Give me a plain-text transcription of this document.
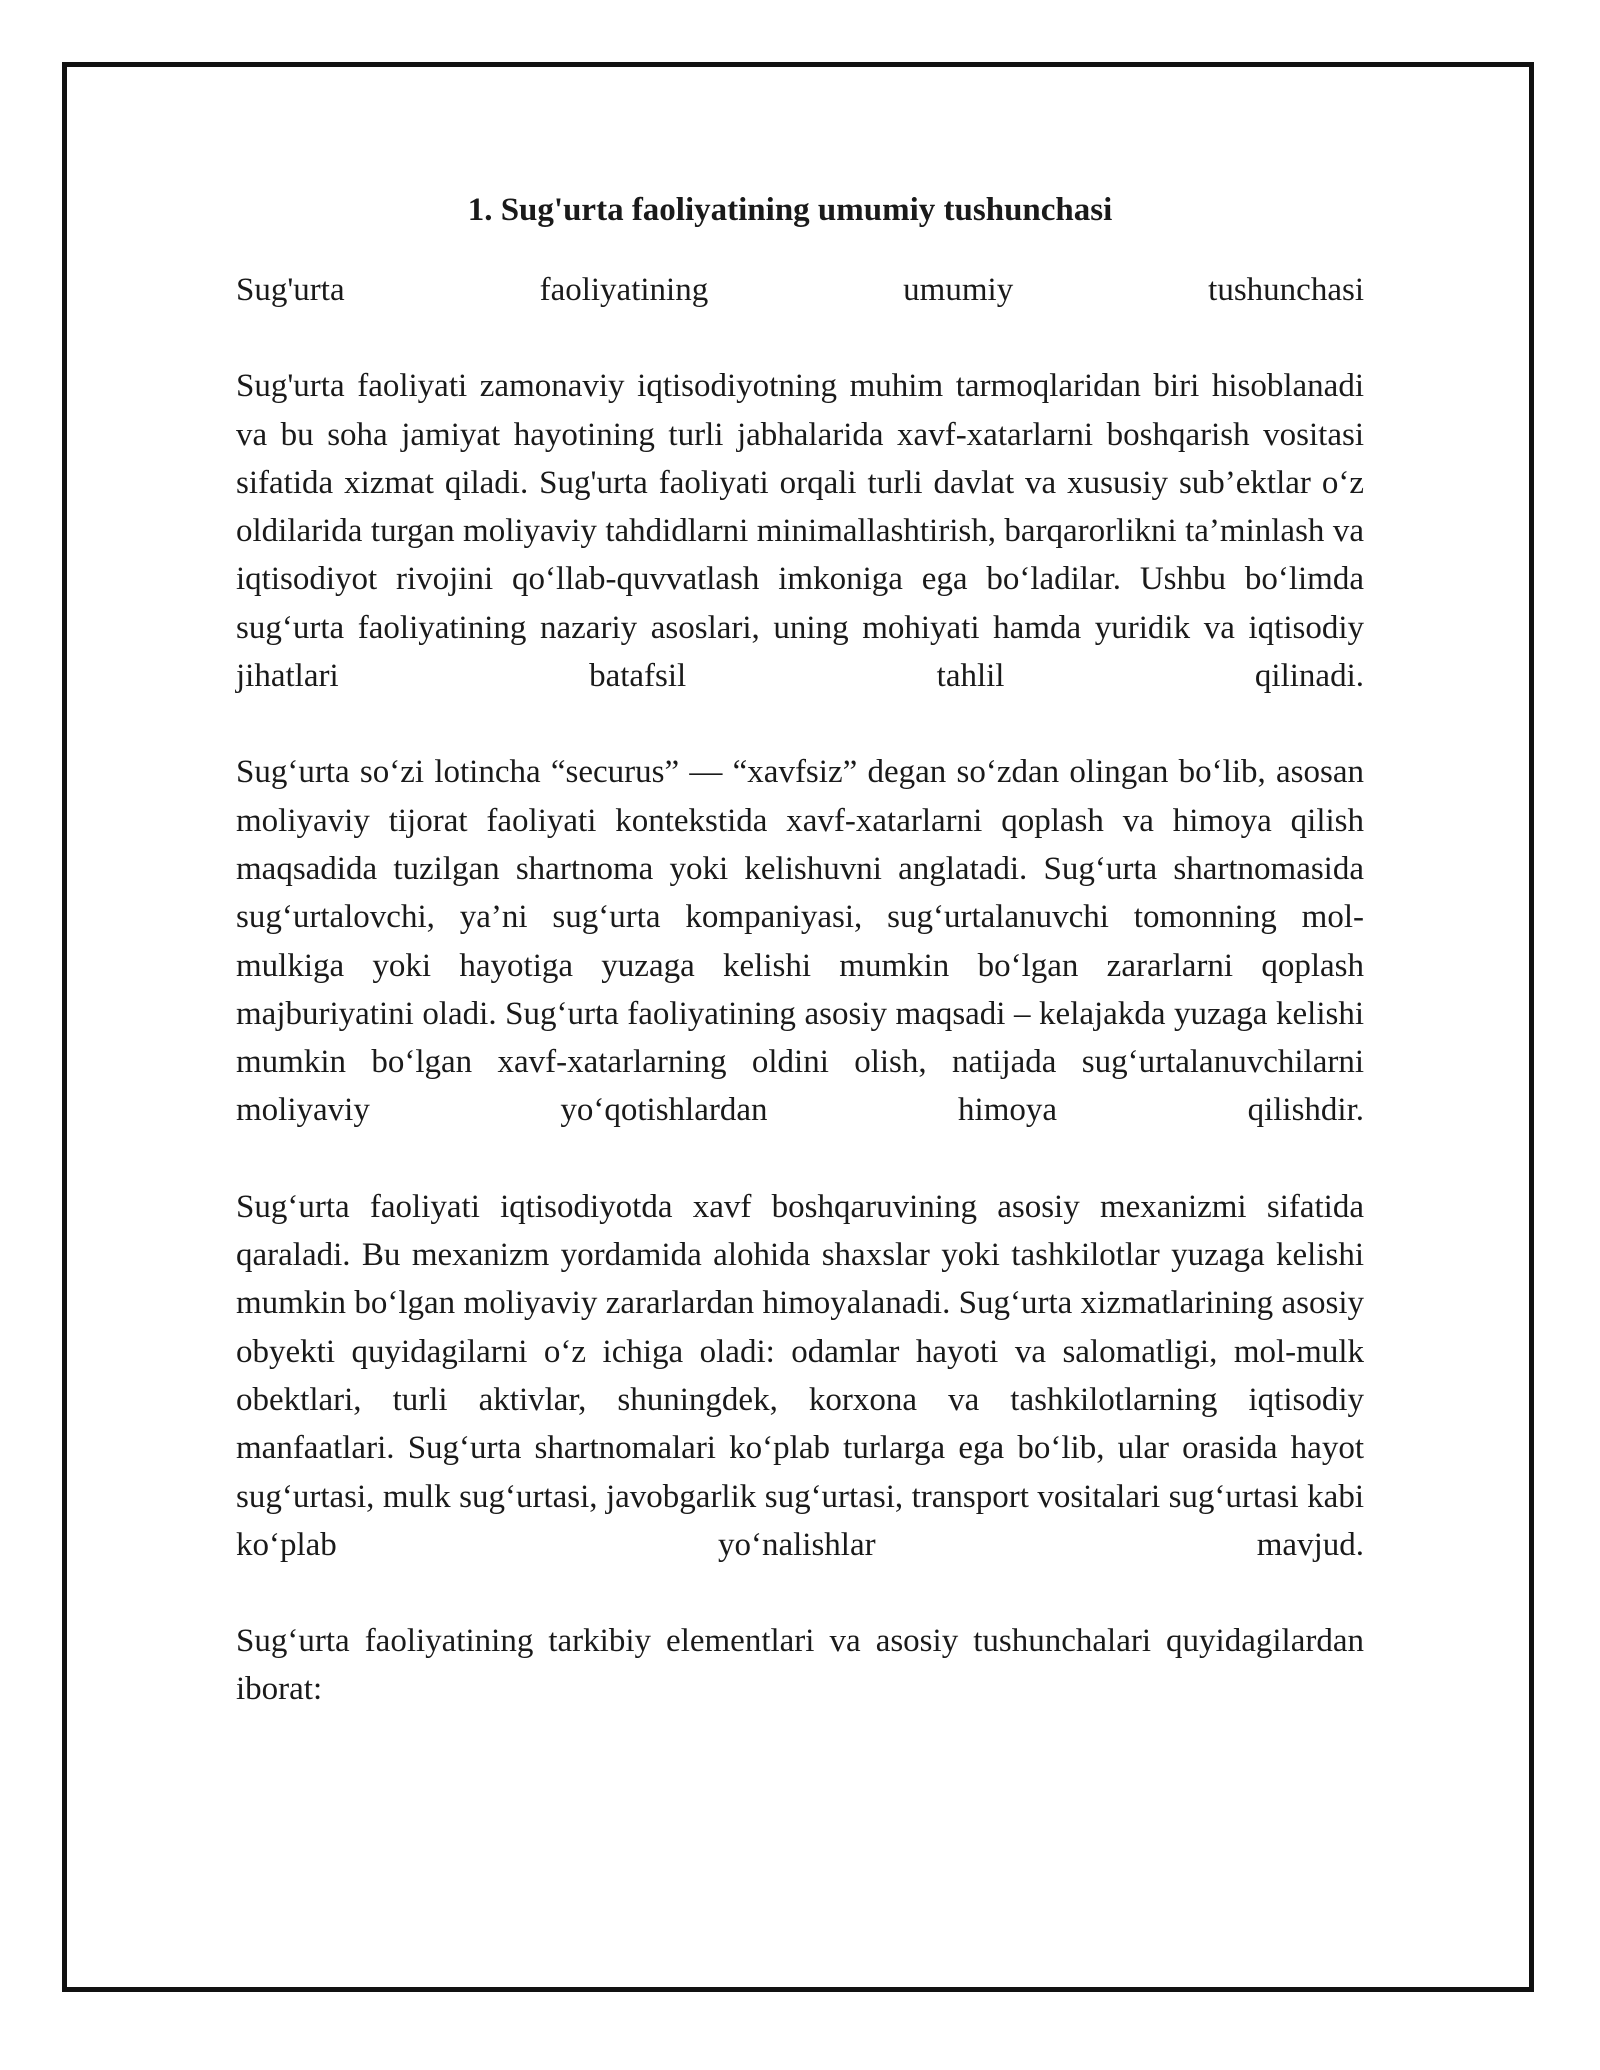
1. Sug'urta faoliyatining umumiy tushunchasi

Sug'urta faoliyatining umumiy tushunchasi

Sug'urta faoliyati zamonaviy iqtisodiyotning muhim tarmoqlaridan biri hisoblanadi va bu soha jamiyat hayotining turli jabhalarida xavf-xatarlarni boshqarish vositasi sifatida xizmat qiladi. Sug'urta faoliyati orqali turli davlat va xususiy sub’ektlar o‘z oldilarida turgan moliyaviy tahdidlarni minimallashtirish, barqarorlikni ta’minlash va iqtisodiyot rivojini qo‘llab-quvvatlash imkoniga ega bo‘ladilar. Ushbu bo‘limda sug‘urta faoliyatining nazariy asoslari, uning mohiyati hamda yuridik va iqtisodiy jihatlari batafsil tahlil qilinadi.

Sug‘urta so‘zi lotincha “securus” — “xavfsiz” degan so‘zdan olingan bo‘lib, asosan moliyaviy tijorat faoliyati kontekstida xavf-xatarlarni qoplash va himoya qilish maqsadida tuzilgan shartnoma yoki kelishuvni anglatadi. Sug‘urta shartnomasida sug‘urtalovchi, ya’ni sug‘urta kompaniyasi, sug‘urtalanuvchi tomonning mol-mulkiga yoki hayotiga yuzaga kelishi mumkin bo‘lgan zararlarni qoplash majburiyatini oladi. Sug‘urta faoliyatining asosiy maqsadi – kelajakda yuzaga kelishi mumkin bo‘lgan xavf-xatarlarning oldini olish, natijada sug‘urtalanuvchilarni moliyaviy yo‘qotishlardan himoya qilishdir.

Sug‘urta faoliyati iqtisodiyotda xavf boshqaruvining asosiy mexanizmi sifatida qaraladi. Bu mexanizm yordamida alohida shaxslar yoki tashkilotlar yuzaga kelishi mumkin bo‘lgan moliyaviy zararlardan himoyalanadi. Sug‘urta xizmatlarining asosiy obyekti quyidagilarni o‘z ichiga oladi: odamlar hayoti va salomatligi, mol-mulk obektlari, turli aktivlar, shuningdek, korxona va tashkilotlarning iqtisodiy manfaatlari. Sug‘urta shartnomalari ko‘plab turlarga ega bo‘lib, ular orasida hayot sug‘urtasi, mulk sug‘urtasi, javobgarlik sug‘urtasi, transport vositalari sug‘urtasi kabi ko‘plab yo‘nalishlar mavjud.

Sug‘urta faoliyatining tarkibiy elementlari va asosiy tushunchalari quyidagilardan iborat:
